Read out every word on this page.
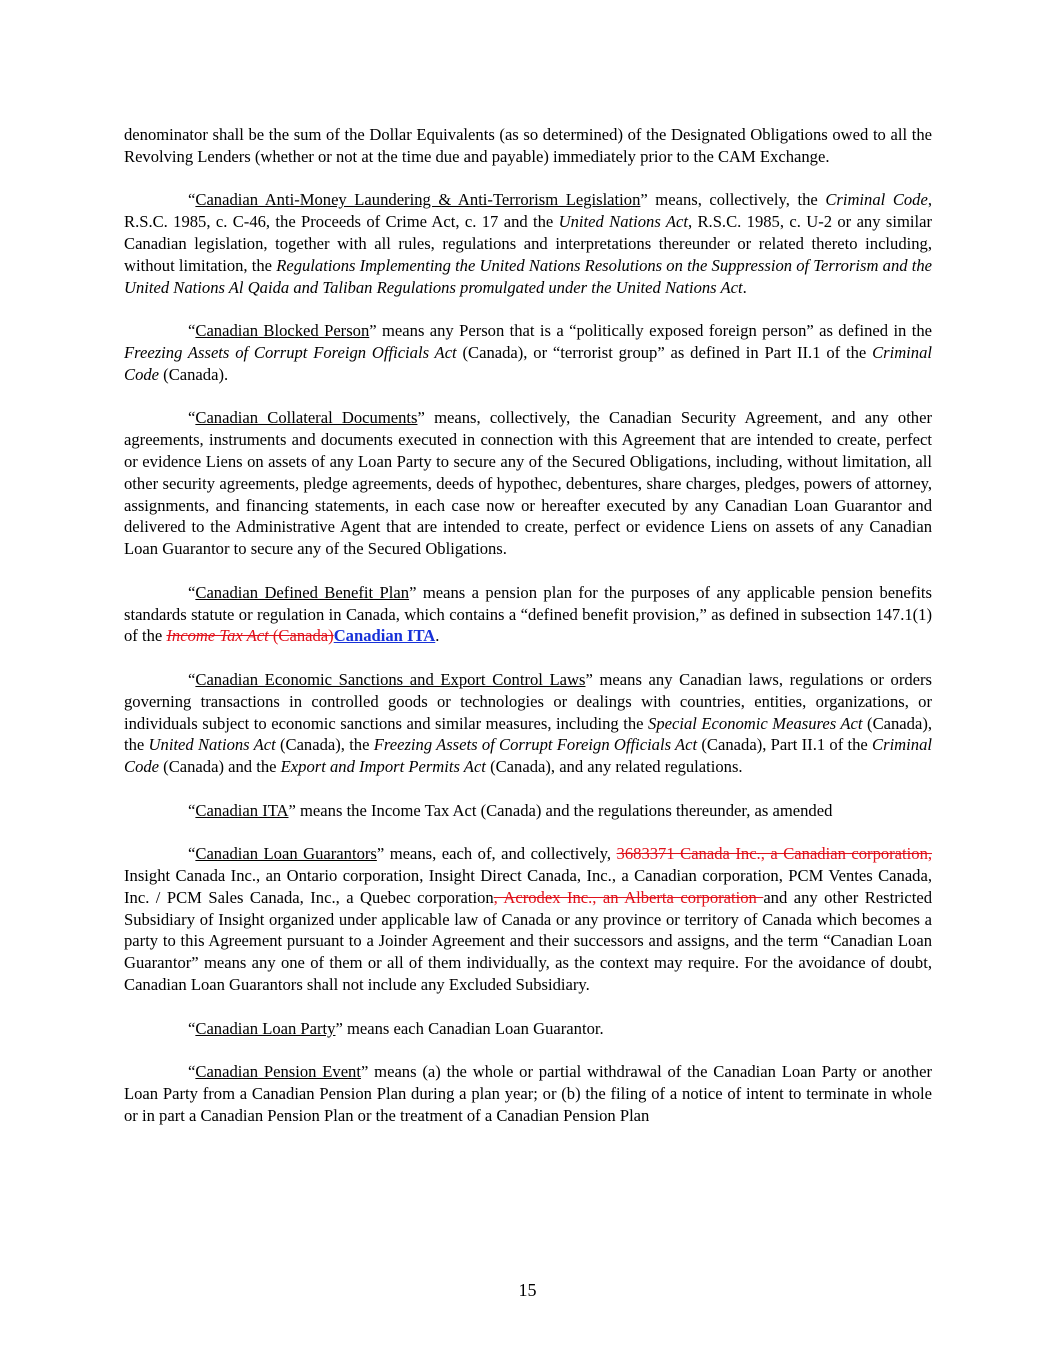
denominator shall be the sum of the Dollar Equivalents (as so determined) of the Designated Obligations owed to all the Revolving Lenders (whether or not at the time due and payable) immediately prior to the CAM Exchange.

“Canadian Anti-Money Laundering & Anti-Terrorism Legislation” means, collectively, the Criminal Code, R.S.C. 1985, c. C-46, the Proceeds of Crime Act, c. 17 and the United Nations Act, R.S.C. 1985, c. U-2 or any similar Canadian legislation, together with all rules, regulations and interpretations thereunder or related thereto including, without limitation, the Regulations Implementing the United Nations Resolutions on the Suppression of Terrorism and the United Nations Al Qaida and Taliban Regulations promulgated under the United Nations Act.

“Canadian Blocked Person” means any Person that is a “politically exposed foreign person” as defined in the Freezing Assets of Corrupt Foreign Officials Act (Canada), or “terrorist group” as defined in Part II.1 of the Criminal Code (Canada).

“Canadian Collateral Documents” means, collectively, the Canadian Security Agreement, and any other agreements, instruments and documents executed in connection with this Agreement that are intended to create, perfect or evidence Liens on assets of any Loan Party to secure any of the Secured Obligations, including, without limitation, all other security agreements, pledge agreements, deeds of hypothec, debentures, share charges, pledges, powers of attorney, assignments, and financing statements, in each case now or hereafter executed by any Canadian Loan Guarantor and delivered to the Administrative Agent that are intended to create, perfect or evidence Liens on assets of any Canadian Loan Guarantor to secure any of the Secured Obligations.

“Canadian Defined Benefit Plan” means a pension plan for the purposes of any applicable pension benefits standards statute or regulation in Canada, which contains a “defined benefit provision,” as defined in subsection 147.1(1) of the Income Tax Act (Canada)Canadian ITA.

“Canadian Economic Sanctions and Export Control Laws” means any Canadian laws, regulations or orders governing transactions in controlled goods or technologies or dealings with countries, entities, organizations, or individuals subject to economic sanctions and similar measures, including the Special Economic Measures Act (Canada), the United Nations Act (Canada), the Freezing Assets of Corrupt Foreign Officials Act (Canada), Part II.1 of the Criminal Code (Canada) and the Export and Import Permits Act (Canada), and any related regulations.

“Canadian ITA” means the Income Tax Act (Canada) and the regulations thereunder, as amended

“Canadian Loan Guarantors” means, each of, and collectively, 3683371 Canada Inc., a Canadian corporation, Insight Canada Inc., an Ontario corporation, Insight Direct Canada, Inc., a Canadian corporation, PCM Ventes Canada, Inc. / PCM Sales Canada, Inc., a Quebec corporation, Acrodex Inc., an Alberta corporation and any other Restricted Subsidiary of Insight organized under applicable law of Canada or any province or territory of Canada which becomes a party to this Agreement pursuant to a Joinder Agreement and their successors and assigns, and the term “Canadian Loan Guarantor” means any one of them or all of them individually, as the context may require. For the avoidance of doubt, Canadian Loan Guarantors shall not include any Excluded Subsidiary.

“Canadian Loan Party” means each Canadian Loan Guarantor.

“Canadian Pension Event” means (a) the whole or partial withdrawal of the Canadian Loan Party or another Loan Party from a Canadian Pension Plan during a plan year; or (b) the filing of a notice of intent to terminate in whole or in part a Canadian Pension Plan or the treatment of a Canadian Pension Plan

15
